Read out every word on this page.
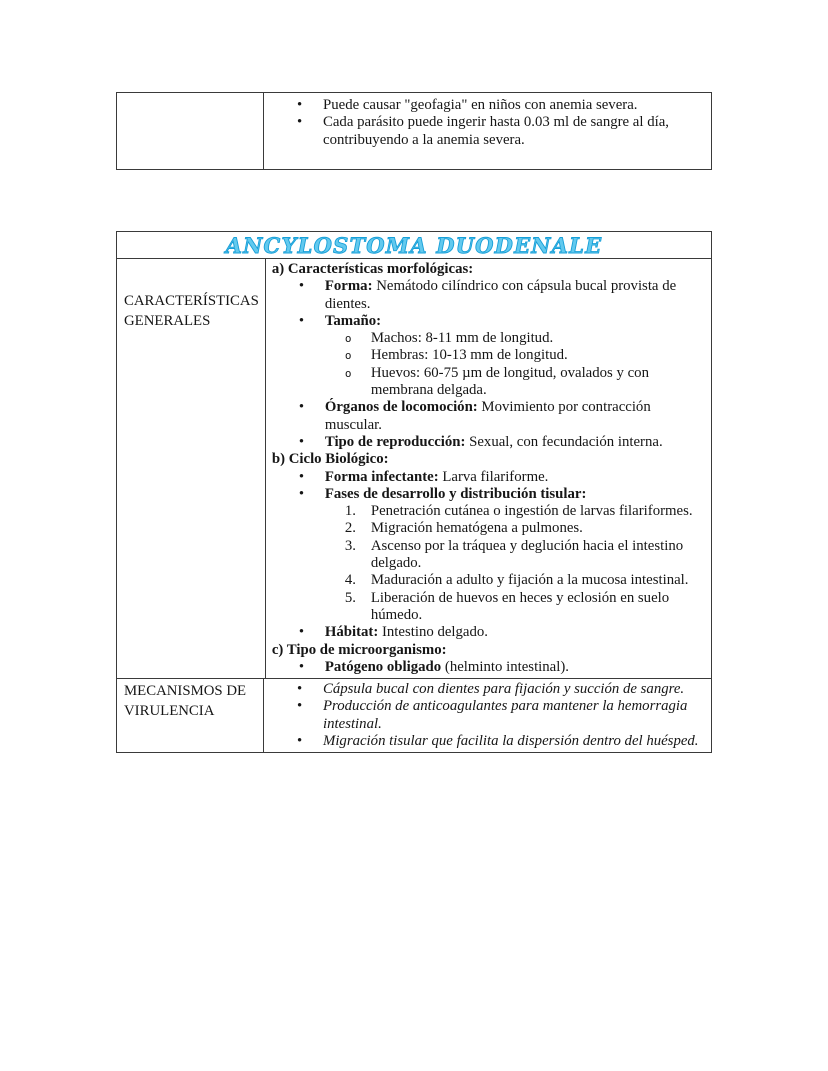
•	Puede causar "geofagia" en niños con anemia severa.
•	Cada parásito puede ingerir hasta 0.03 ml de sangre al día, contribuyendo a la anemia severa.
ANCYLOSTOMA DUODENALE
CARACTERÍSTICAS GENERALES
a) Características morfológicas:
•	Forma: Nemátodo cilíndrico con cápsula bucal provista de dientes.
•	Tamaño:
o	Machos: 8-11 mm de longitud.
o	Hembras: 10-13 mm de longitud.
o	Huevos: 60-75 µm de longitud, ovalados y con membrana delgada.
•	Órganos de locomoción: Movimiento por contracción muscular.
•	Tipo de reproducción: Sexual, con fecundación interna.
b) Ciclo Biológico:
•	Forma infectante: Larva filariforme.
•	Fases de desarrollo y distribución tisular:
1.	Penetración cutánea o ingestión de larvas filariformes.
2.	Migración hematógena a pulmones.
3.	Ascenso por la tráquea y deglución hacia el intestino delgado.
4.	Maduración a adulto y fijación a la mucosa intestinal.
5.	Liberación de huevos en heces y eclosión en suelo húmedo.
•	Hábitat: Intestino delgado.
c) Tipo de microorganismo:
•	Patógeno obligado (helminto intestinal).
MECANISMOS DE VIRULENCIA
•	Cápsula bucal con dientes para fijación y succión de sangre.
•	Producción de anticoagulantes para mantener la hemorragia intestinal.
•	Migración tisular que facilita la dispersión dentro del huésped.
